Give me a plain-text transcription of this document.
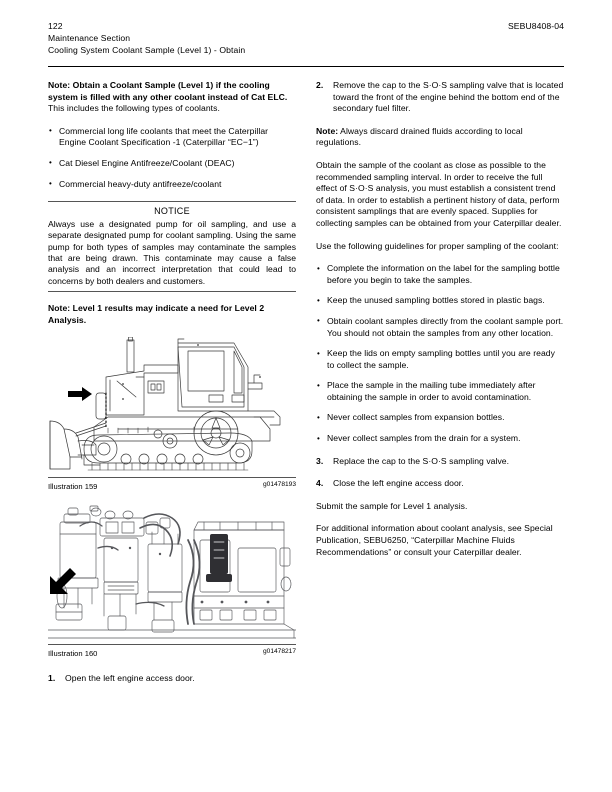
122	SEBU8408-04
Maintenance Section
Cooling System Coolant Sample (Level 1) - Obtain

Note: Obtain a Coolant Sample (Level 1) if the cooling system is filled with any other coolant instead of Cat ELC. This includes the following types of coolants.

• Commercial long life coolants that meet the Caterpillar Engine Coolant Specification -1 (Caterpillar “EC−1”)
• Cat Diesel Engine Antifreeze/Coolant (DEAC)
• Commercial heavy-duty antifreeze/coolant
NOTICE
Always use a designated pump for oil sampling, and use a separate designated pump for coolant sampling. Using the same pump for both types of samples may contaminate the samples that are being drawn. This contaminate may cause a false analysis and an incorrect interpretation that could lead to concerns by both dealers and customers.

Note: Level 1 results may indicate a need for Level 2 Analysis.

Illustration 159	g01478193
Illustration 160	g01478217
1. Open the left engine access door.
2. Remove the cap to the S·O·S sampling valve that is located toward the front of the engine behind the bottom end of the secondary fuel filter.

Note: Always discard drained fluids according to local regulations.

Obtain the sample of the coolant as close as possible to the recommended sampling interval. In order to receive the full effect of S·O·S analysis, you must establish a consistent trend of data. In order to establish a pertinent history of data, perform consistent samplings that are evenly spaced. Supplies for collecting samples can be obtained from your Caterpillar dealer.

Use the following guidelines for proper sampling of the coolant:

• Complete the information on the label for the sampling bottle before you begin to take the samples.
• Keep the unused sampling bottles stored in plastic bags.
• Obtain coolant samples directly from the coolant sample port. You should not obtain the samples from any other location.
• Keep the lids on empty sampling bottles until you are ready to collect the sample.
• Place the sample in the mailing tube immediately after obtaining the sample in order to avoid contamination.
• Never collect samples from expansion bottles.
• Never collect samples from the drain for a system.
3. Replace the cap to the S·O·S sampling valve.
4. Close the left engine access door.

Submit the sample for Level 1 analysis.

For additional information about coolant analysis, see Special Publication, SEBU6250, “Caterpillar Machine Fluids Recommendations” or consult your Caterpillar dealer.
